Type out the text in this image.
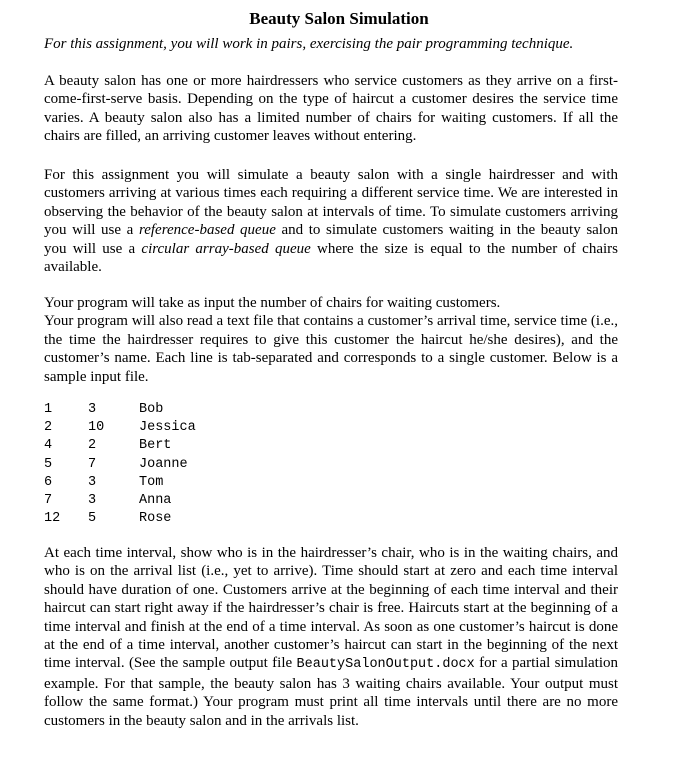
Beauty Salon Simulation
For this assignment, you will work in pairs, exercising the pair programming technique.

A beauty salon has one or more hairdressers who service customers as they arrive on a first-come-first-serve basis. Depending on the type of haircut a customer desires the service time varies. A beauty salon also has a limited number of chairs for waiting customers. If all the chairs are filled, an arriving customer leaves without entering.

For this assignment you will simulate a beauty salon with a single hairdresser and with customers arriving at various times each requiring a different service time. We are interested in observing the behavior of the beauty salon at intervals of time. To simulate customers arriving you will use a reference-based queue and to simulate customers waiting in the beauty salon you will use a circular array-based queue where the size is equal to the number of chairs available.

Your program will take as input the number of chairs for waiting customers.
Your program will also read a text file that contains a customer’s arrival time, service time (i.e., the time the hairdresser requires to give this customer the haircut he/she desires), and the customer’s name. Each line is tab-separated and corresponds to a single customer. Below is a sample input file.

1	3	Bob
2	10	Jessica
4	2	Bert
5	7	Joanne
6	3	Tom
7	3	Anna
12 5	Rose

At each time interval, show who is in the hairdresser’s chair, who is in the waiting chairs, and who is on the arrival list (i.e., yet to arrive). Time should start at zero and each time interval should have duration of one. Customers arrive at the beginning of each time interval and their haircut can start right away if the hairdresser’s chair is free. Haircuts start at the beginning of a time interval and finish at the end of a time interval. As soon as one customer’s haircut is done at the end of a time interval, another customer’s haircut can start in the beginning of the next time interval. (See the sample output file BeautySalonOutput.docx for a partial simulation example. For that sample, the beauty salon has 3 waiting chairs available. Your output must follow the same format.) Your program must print all time intervals until there are no more customers in the beauty salon and in the arrivals list.
